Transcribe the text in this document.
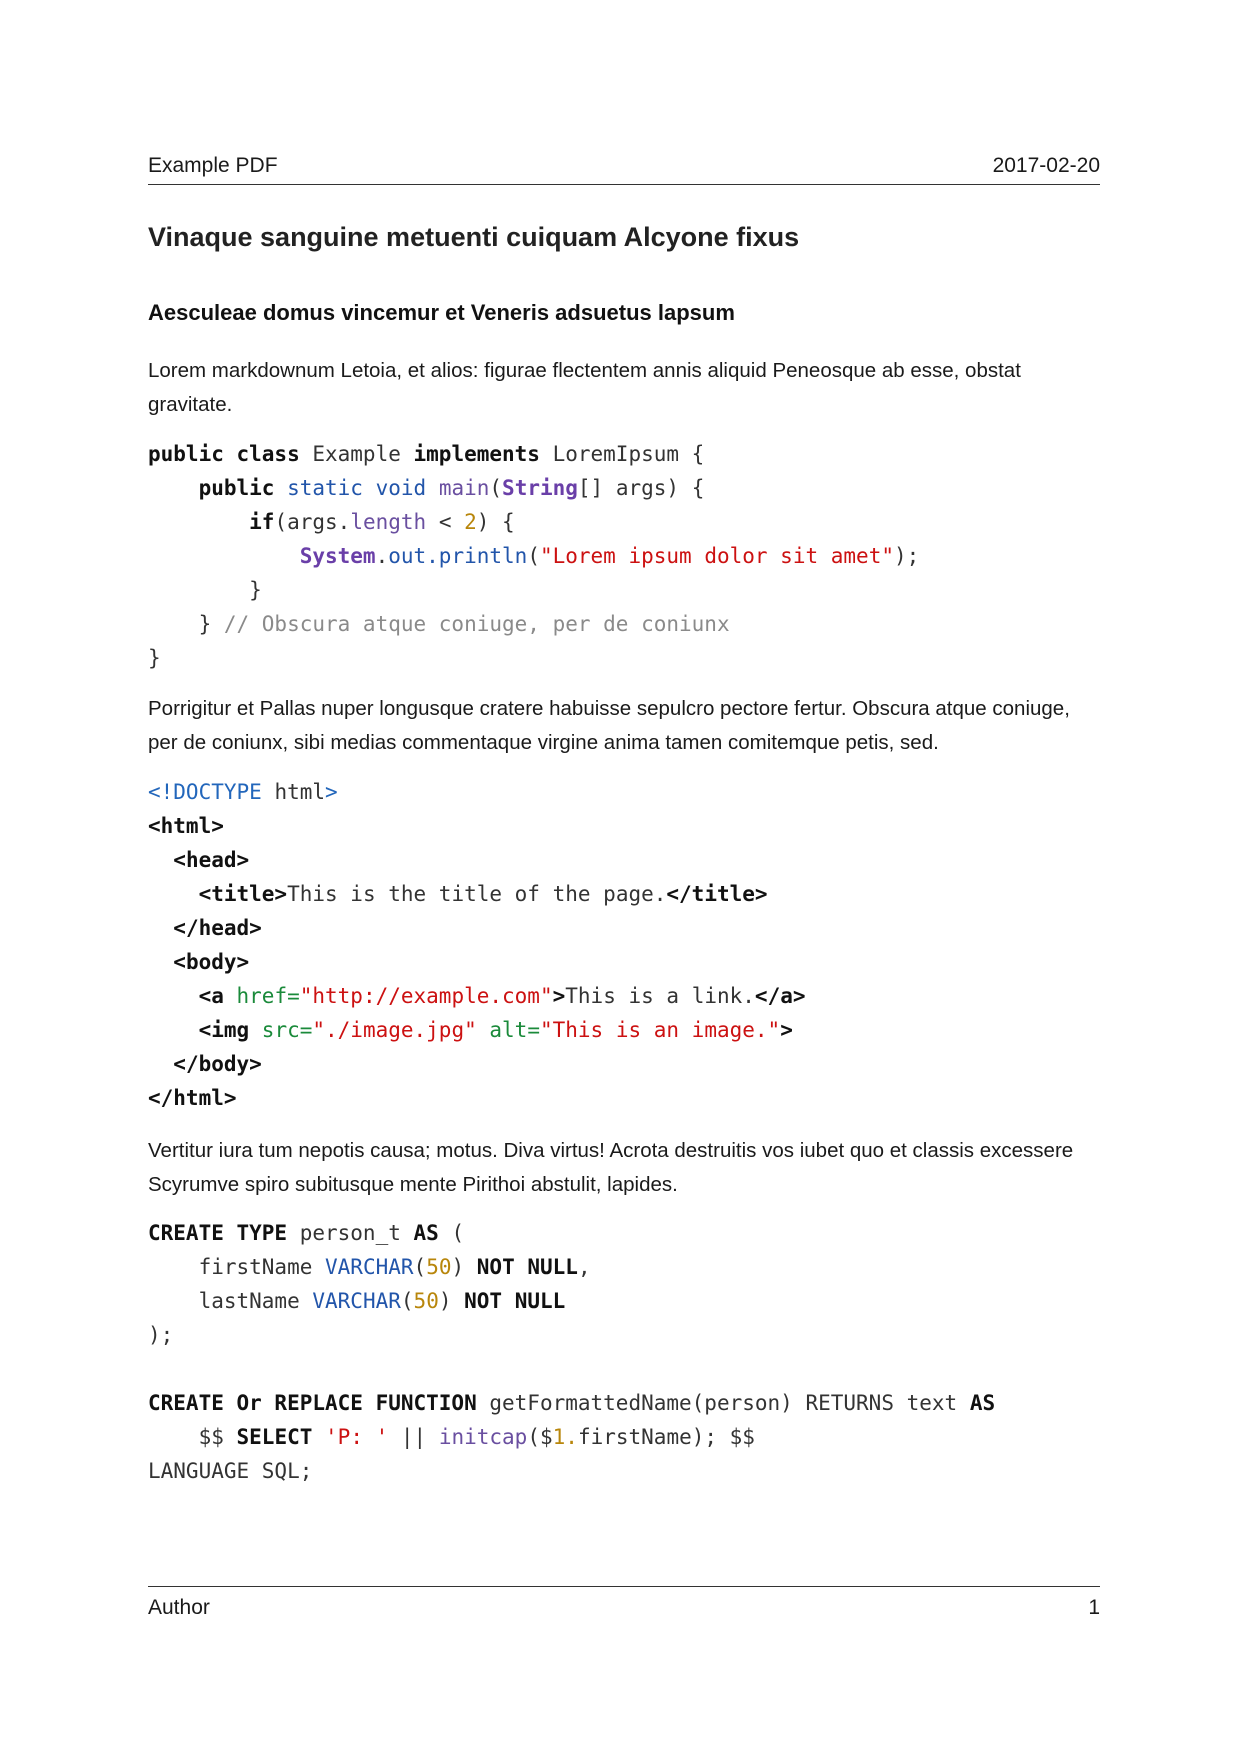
Example PDF	2017-02-20
Vinaque sanguine metuenti cuiquam Alcyone fixus
Aesculeae domus vincemur et Veneris adsuetus lapsum

Lorem markdownum Letoia, et alios: figurae flectentem annis aliquid Peneosque ab esse, obstat gravitate.

public class Example implements LoremIpsum {
public static void main(String[] args) {
if(args.length < 2) {
System.out.println("Lorem ipsum dolor sit amet");
}
} // Obscura atque coniuge, per de coniunx
}

Porrigitur et Pallas nuper longusque cratere habuisse sepulcro pectore fertur. Obscura atque coniuge, per de coniunx, sibi medias commentaque virgine anima tamen comitemque petis, sed.

<!DOCTYPE html>
<html>
<head>
<title>This is the title of the page.</title>
</head>
<body>
<a href="http://example.com">This is a link.</a>
<img src="./image.jpg" alt="This is an image.">
</body>
</html>

Vertitur iura tum nepotis causa; motus. Diva virtus! Acrota destruitis vos iubet quo et classis excessere Scyrumve spiro subitusque mente Pirithoi abstulit, lapides.

CREATE TYPE person_t AS (
firstName VARCHAR(50) NOT NULL,
lastName VARCHAR(50) NOT NULL
);

CREATE Or REPLACE FUNCTION getFormattedName(person) RETURNS text AS
$$ SELECT 'P: ' || initcap($1.firstName); $$
LANGUAGE SQL;
Author	1
